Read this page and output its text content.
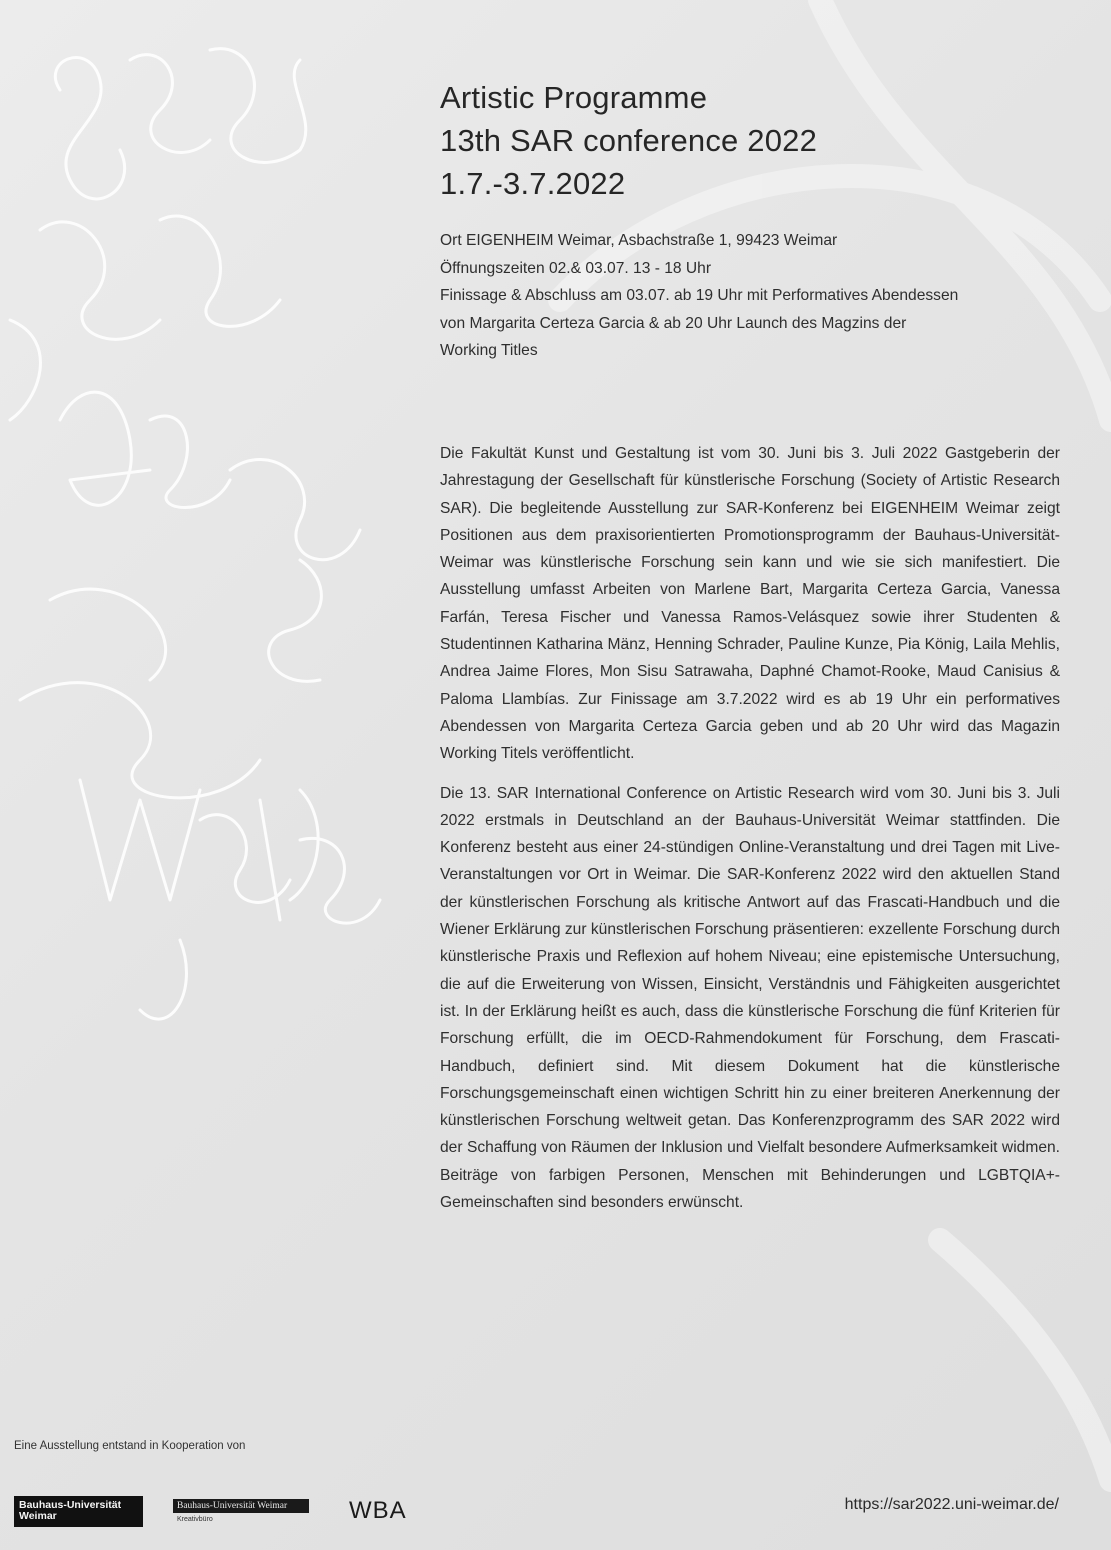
Artistic Programme
13th SAR conference 2022
1.7.-3.7.2022
Ort EIGENHEIM Weimar, Asbachstraße 1, 99423 Weimar
Öffnungszeiten 02.& 03.07. 13 - 18 Uhr
Finissage & Abschluss am 03.07. ab 19 Uhr mit Performatives Abendessen
von Margarita Certeza Garcia & ab 20 Uhr Launch des Magzins der
Working Titles

Die Fakultät Kunst und Gestaltung ist vom 30. Juni bis 3. Juli 2022 Gastgeberin der Jahrestagung der Gesellschaft für künstlerische Forschung (Society of Artistic Research SAR). Die begleitende Ausstellung zur SAR-Konferenz bei EIGENHEIM Weimar zeigt Positionen aus dem praxisorientierten Promotionsprogramm der Bauhaus-Universität-Weimar was künstlerische Forschung sein kann und wie sie sich manifestiert. Die Ausstellung umfasst Arbeiten von Marlene Bart, Margarita Certeza Garcia, Vanessa Farfán, Teresa Fischer und Vanessa Ramos-Velásquez sowie ihrer Studenten & Studentinnen Katharina Mänz, Henning Schrader, Pauline Kunze, Pia König, Laila Mehlis, Andrea Jaime Flores, Mon Sisu Satrawaha, Daphné Chamot-Rooke, Maud Canisius & Paloma Llambías. Zur Finissage am 3.7.2022 wird es ab 19 Uhr ein performatives Abendessen von Margarita Certeza Garcia geben und ab 20 Uhr wird das Magazin Working Titels veröffentlicht.

Die 13. SAR International Conference on Artistic Research wird vom 30. Juni bis 3. Juli 2022 erstmals in Deutschland an der Bauhaus-Universität Weimar stattfinden. Die Konferenz besteht aus einer 24-stündigen Online-Veranstaltung und drei Tagen mit Live-Veranstaltungen vor Ort in Weimar. Die SAR-Konferenz 2022 wird den aktuellen Stand der künstlerischen Forschung als kritische Antwort auf das Frascati-Handbuch und die Wiener Erklärung zur künstlerischen Forschung präsentieren: exzellente Forschung durch künstlerische Praxis und Reflexion auf hohem Niveau; eine epistemische Untersuchung, die auf die Erweiterung von Wissen, Einsicht, Verständnis und Fähigkeiten ausgerichtet ist. In der Erklärung heißt es auch, dass die künstlerische Forschung die fünf Kriterien für Forschung erfüllt, die im OECD-Rahmendokument für Forschung, dem Frascati-Handbuch, definiert sind. Mit diesem Dokument hat die künstlerische Forschungsgemeinschaft einen wichtigen Schritt hin zu einer breiteren Anerkennung der künstlerischen Forschung weltweit getan. Das Konferenzprogramm des SAR 2022 wird der Schaffung von Räumen der Inklusion und Vielfalt besondere Aufmerksamkeit widmen. Beiträge von farbigen Personen, Menschen mit Behinderungen und LGBTQIA+-Gemeinschaften sind besonders erwünscht.

Eine Ausstellung entstand in Kooperation von
Bauhaus-Universität
Weimar
Bauhaus-Universität Weimar
Kreativbüro	WBA	https://sar2022.uni-weimar.de/
